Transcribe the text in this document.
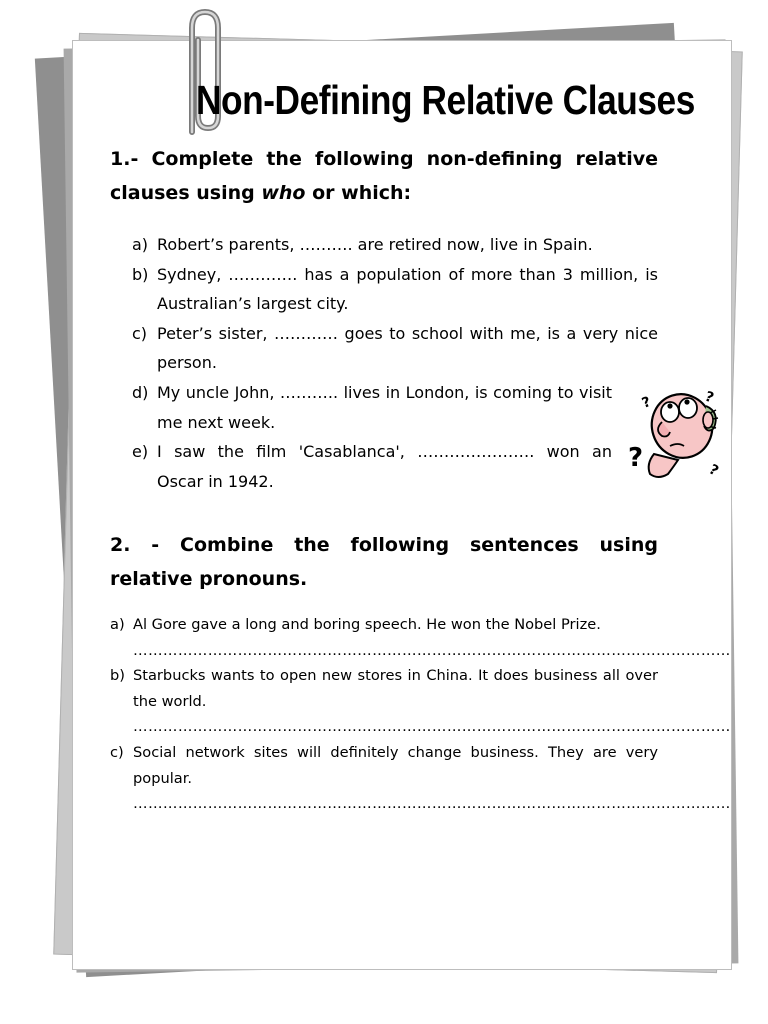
Non-Defining Relative Clauses

1.- Complete the following non-defining relative clauses using who or which:

a) Robert’s parents, ………. are retired now, live in Spain.
b) Sydney, …………. has a population of more than 3 million, is Australian’s largest city.
c) Peter’s sister, ………… goes to school with me, is a very nice person.
d) My uncle John, ……….. lives in London, is coming to visit me next week.
e) I saw the film 'Casablanca', …………………. won an Oscar in 1942.
?
?	?
?

2. - Combine the following sentences using relative pronouns.

a) Al Gore gave a long and boring speech. He won the Nobel Prize.
…………………………………………………………………………………………………………
b) Starbucks wants to open new stores in China. It does business all over the world.
…………………………………………………………………………………………………………
c) Social network sites will definitely change business. They are very popular.
…………………………………………………………………………………………………………
